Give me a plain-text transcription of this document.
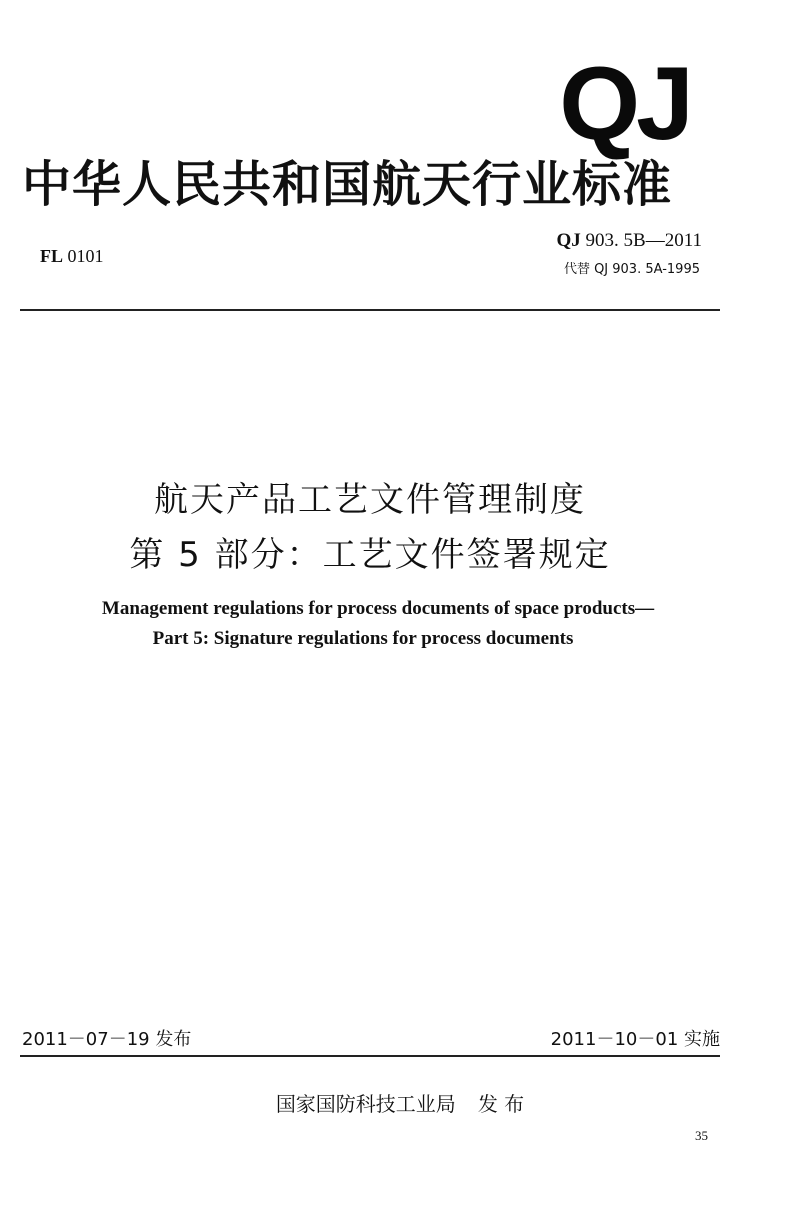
QJ
中华人民共和国航天行业标准
FL 0101
QJ 903. 5B—2011
代替 QJ 903. 5A-1995
航天产品工艺文件管理制度
第 5 部分：工艺文件签署规定
Management regulations for process documents of space products—
Part 5: Signature regulations for process documents
2011－07－19 发布	2011－10－01 实施
国家国防科技工业局 发 布
35
